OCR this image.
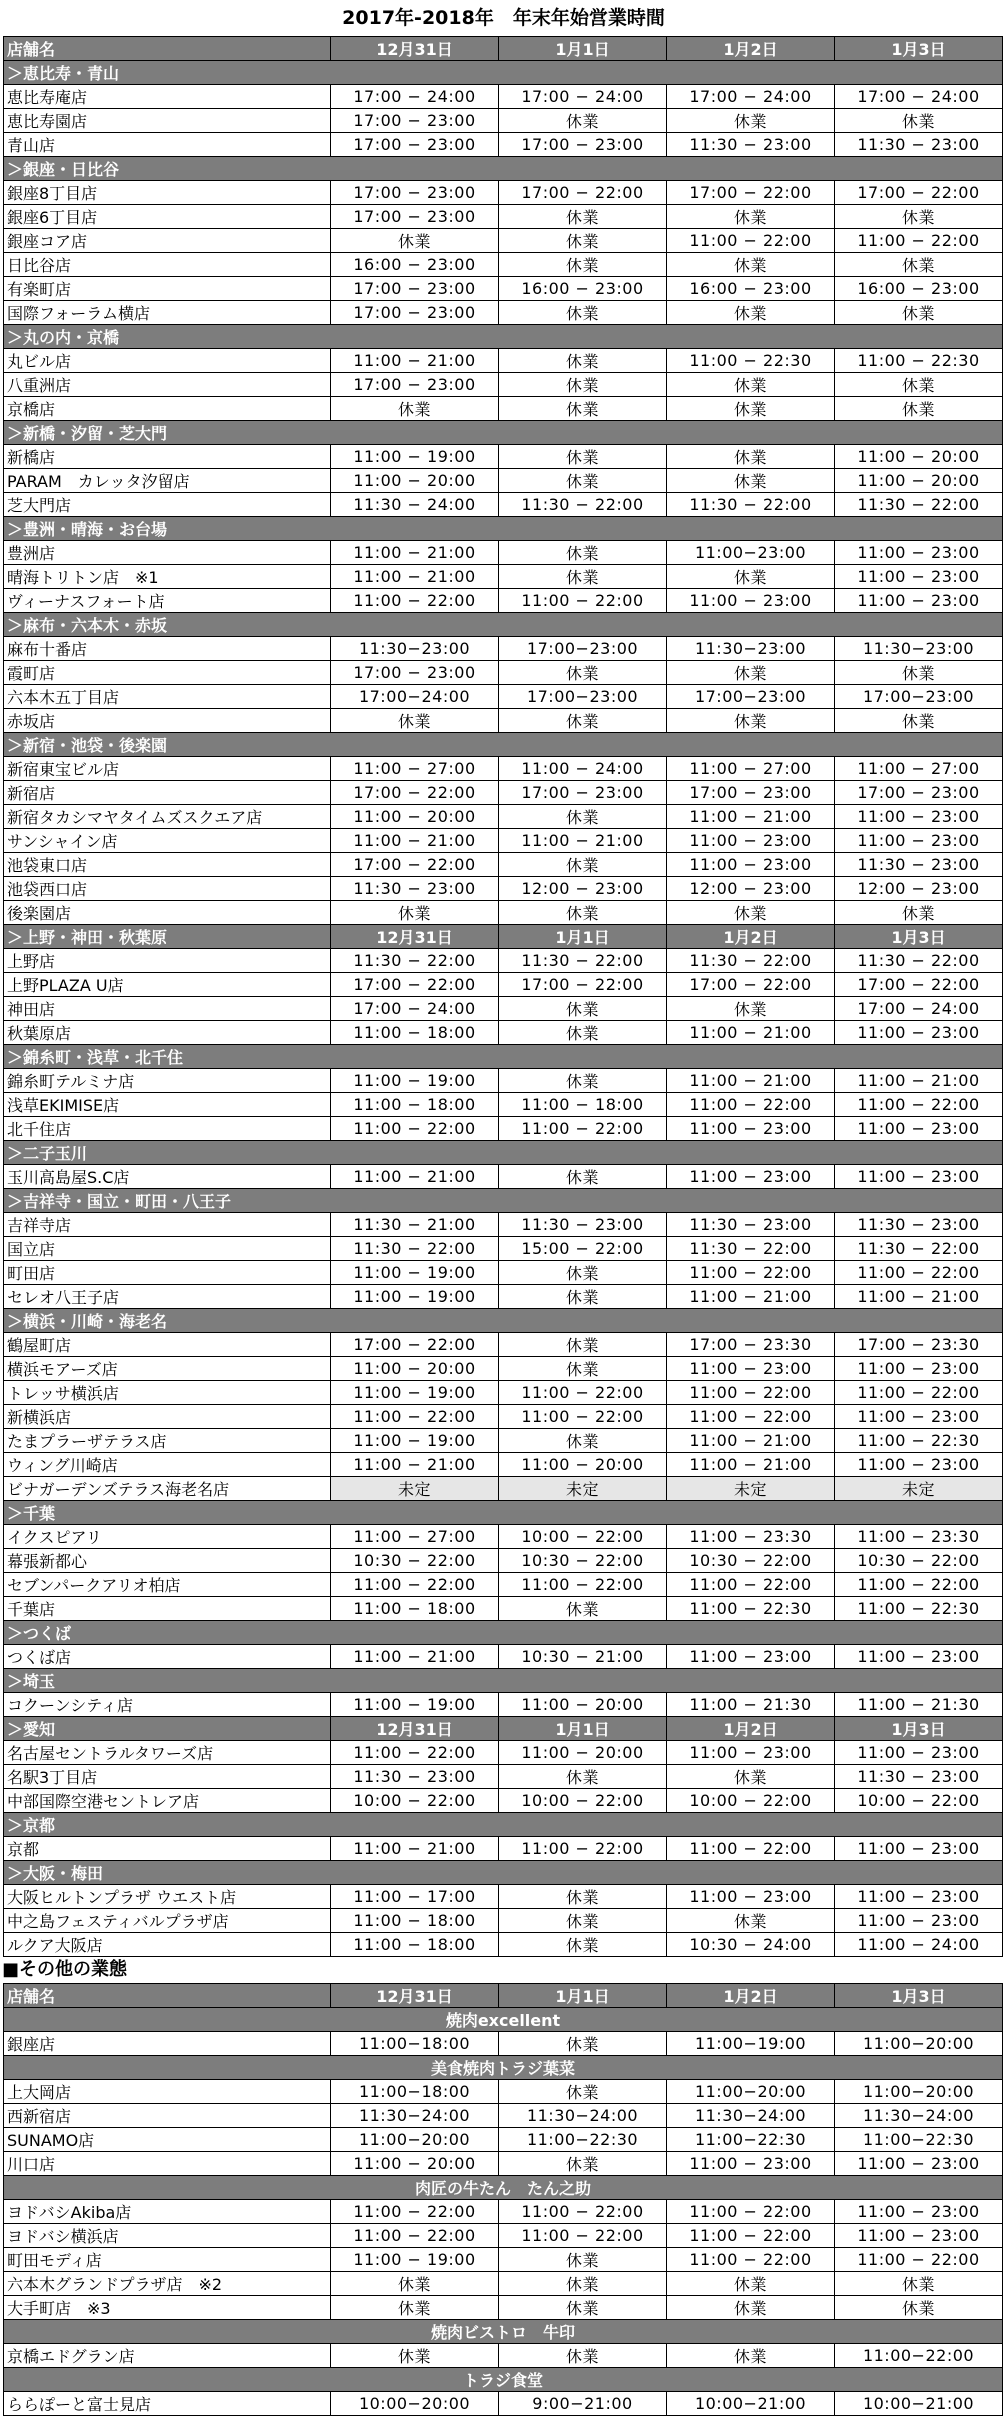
2017年-2018年　年末年始営業時間
店舗名	12月31日	1月1日	1月2日	1月3日
＞恵比寿・青山				
恵比寿庵店	17:00 − 24:00	17:00 − 24:00	17:00 − 24:00	17:00 − 24:00
恵比寿園店	17:00 − 23:00	休業	休業	休業
青山店	17:00 − 23:00	17:00 − 23:00	11:30 − 23:00	11:30 − 23:00
＞銀座・日比谷				
銀座8丁目店	17:00 − 23:00	17:00 − 22:00	17:00 − 22:00	17:00 − 22:00
銀座6丁目店	17:00 − 23:00	休業	休業	休業
銀座コア店	休業	休業	11:00 − 22:00	11:00 − 22:00
日比谷店	16:00 − 23:00	休業	休業	休業
有楽町店	17:00 − 23:00	16:00 − 23:00	16:00 − 23:00	16:00 − 23:00
国際フォーラム横店	17:00 − 23:00	休業	休業	休業
＞丸の内・京橋				
丸ビル店	11:00 − 21:00	休業	11:00 − 22:30	11:00 − 22:30
八重洲店	17:00 − 23:00	休業	休業	休業
京橋店	休業	休業	休業	休業
＞新橋・汐留・芝大門				
新橋店	11:00 − 19:00	休業	休業	11:00 − 20:00
PARAM　カレッタ汐留店	11:00 − 20:00	休業	休業	11:00 − 20:00
芝大門店	11:30 − 24:00	11:30 − 22:00	11:30 − 22:00	11:30 − 22:00
＞豊洲・晴海・お台場				
豊洲店	11:00 − 21:00	休業	11:00−23:00	11:00 − 23:00
晴海トリトン店　※1	11:00 − 21:00	休業	休業	11:00 − 23:00
ヴィーナスフォート店	11:00 − 22:00	11:00 − 22:00	11:00 − 23:00	11:00 − 23:00
＞麻布・六本木・赤坂				
麻布十番店	11:30−23:00	17:00−23:00	11:30−23:00	11:30−23:00
霞町店	17:00 − 23:00	休業	休業	休業
六本木五丁目店	17:00−24:00	17:00−23:00	17:00−23:00	17:00−23:00
赤坂店	休業	休業	休業	休業
＞新宿・池袋・後楽園				
新宿東宝ビル店	11:00 − 27:00	11:00 − 24:00	11:00 − 27:00	11:00 − 27:00
新宿店	17:00 − 22:00	17:00 − 23:00	17:00 − 23:00	17:00 − 23:00
新宿タカシマヤタイムズスクエア店	11:00 − 20:00	休業	11:00 − 21:00	11:00 − 23:00
サンシャイン店	11:00 − 21:00	11:00 − 21:00	11:00 − 23:00	11:00 − 23:00
池袋東口店	17:00 − 22:00	休業	11:00 − 23:00	11:30 − 23:00
池袋西口店	11:30 − 23:00	12:00 − 23:00	12:00 − 23:00	12:00 − 23:00
後楽園店	休業	休業	休業	休業
＞上野・神田・秋葉原	12月31日	1月1日	1月2日	1月3日
上野店	11:30 − 22:00	11:30 − 22:00	11:30 − 22:00	11:30 − 22:00
上野PLAZA U店	17:00 − 22:00	17:00 − 22:00	17:00 − 22:00	17:00 − 22:00
神田店	17:00 − 24:00	休業	休業	17:00 − 24:00
秋葉原店	11:00 − 18:00	休業	11:00 − 21:00	11:00 − 23:00
＞錦糸町・浅草・北千住				
錦糸町テルミナ店	11:00 − 19:00	休業	11:00 − 21:00	11:00 − 21:00
浅草EKIMISE店	11:00 − 18:00	11:00 − 18:00	11:00 − 22:00	11:00 − 22:00
北千住店	11:00 − 22:00	11:00 − 22:00	11:00 − 23:00	11:00 − 23:00
＞二子玉川				
玉川高島屋S.C店	11:00 − 21:00	休業	11:00 − 23:00	11:00 − 23:00
＞吉祥寺・国立・町田・八王子				
吉祥寺店	11:30 − 21:00	11:30 − 23:00	11:30 − 23:00	11:30 − 23:00
国立店	11:30 − 22:00	15:00 − 22:00	11:30 − 22:00	11:30 − 22:00
町田店	11:00 − 19:00	休業	11:00 − 22:00	11:00 − 22:00
セレオ八王子店	11:00 − 19:00	休業	11:00 − 21:00	11:00 − 21:00
＞横浜・川崎・海老名				
鶴屋町店	17:00 − 22:00	休業	17:00 − 23:30	17:00 − 23:30
横浜モアーズ店	11:00 − 20:00	休業	11:00 − 23:00	11:00 − 23:00
トレッサ横浜店	11:00 − 19:00	11:00 − 22:00	11:00 − 22:00	11:00 − 22:00
新横浜店	11:00 − 22:00	11:00 − 22:00	11:00 − 22:00	11:00 − 23:00
たまプラーザテラス店	11:00 − 19:00	休業	11:00 − 21:00	11:00 − 22:30
ウィング川崎店	11:00 − 21:00	11:00 − 20:00	11:00 − 21:00	11:00 − 23:00
ビナガーデンズテラス海老名店	未定	未定	未定	未定
＞千葉				
イクスピアリ	11:00 − 27:00	10:00 − 22:00	11:00 − 23:30	11:00 − 23:30
幕張新都心	10:30 − 22:00	10:30 − 22:00	10:30 − 22:00	10:30 − 22:00
セブンパークアリオ柏店	11:00 − 22:00	11:00 − 22:00	11:00 − 22:00	11:00 − 22:00
千葉店	11:00 − 18:00	休業	11:00 − 22:30	11:00 − 22:30
＞つくば				
つくば店	11:00 − 21:00	10:30 − 21:00	11:00 − 23:00	11:00 − 23:00
＞埼玉				
コクーンシティ店	11:00 − 19:00	11:00 − 20:00	11:00 − 21:30	11:00 − 21:30
＞愛知	12月31日	1月1日	1月2日	1月3日
名古屋セントラルタワーズ店	11:00 − 22:00	11:00 − 20:00	11:00 − 23:00	11:00 − 23:00
名駅3丁目店	11:30 − 23:00	休業	休業	11:30 − 23:00
中部国際空港セントレア店	10:00 − 22:00	10:00 − 22:00	10:00 − 22:00	10:00 − 22:00
＞京都				
京都	11:00 − 21:00	11:00 − 22:00	11:00 − 22:00	11:00 − 23:00
＞大阪・梅田				
大阪ヒルトンプラザ ウエスト店	11:00 − 17:00	休業	11:00 − 23:00	11:00 − 23:00
中之島フェスティバルプラザ店	11:00 − 18:00	休業	休業	11:00 − 23:00
ルクア大阪店	11:00 − 18:00	休業	10:30 − 24:00	11:00 − 24:00
■その他の業態
店舗名	12月31日	1月1日	1月2日	1月3日
焼肉excellent				
銀座店	11:00−18:00	休業	11:00−19:00	11:00−20:00
美食焼肉トラジ葉菜				
上大岡店	11:00−18:00	休業	11:00−20:00	11:00−20:00
西新宿店	11:30−24:00	11:30−24:00	11:30−24:00	11:30−24:00
SUNAMO店	11:00−20:00	11:00−22:30	11:00−22:30	11:00−22:30
川口店	11:00 − 20:00	休業	11:00 − 23:00	11:00 − 23:00
肉匠の牛たん　たん之助				
ヨドバシAkiba店	11:00 − 22:00	11:00 − 22:00	11:00 − 22:00	11:00 − 23:00
ヨドバシ横浜店	11:00 − 22:00	11:00 − 22:00	11:00 − 22:00	11:00 − 23:00
町田モディ店	11:00 − 19:00	休業	11:00 − 22:00	11:00 − 22:00
六本木グランドプラザ店　※2	休業	休業	休業	休業
大手町店　※3	休業	休業	休業	休業
焼肉ビストロ　牛印				
京橋エドグラン店	休業	休業	休業	11:00−22:00
トラジ食堂				
ららぽーと富士見店	10:00−20:00	9:00−21:00	10:00−21:00	10:00−21:00
